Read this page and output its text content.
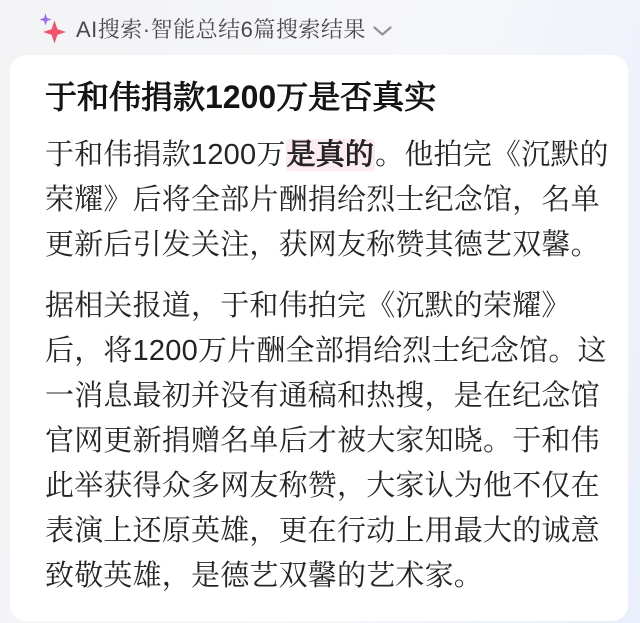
AI搜索·智能总结6篇搜索结果
于和伟捐款1200万是否真实

于和伟捐款1200万是真的。他拍完《沉默的荣耀》后将全部片酬捐给烈士纪念馆，名单更新后引发关注，获网友称赞其德艺双馨。

据相关报道，于和伟拍完《沉默的荣耀》后，将1200万片酬全部捐给烈士纪念馆。这一消息最初并没有通稿和热搜，是在纪念馆官网更新捐赠名单后才被大家知晓。于和伟此举获得众多网友称赞，大家认为他不仅在表演上还原英雄，更在行动上用最大的诚意致敬英雄，是德艺双馨的艺术家。
